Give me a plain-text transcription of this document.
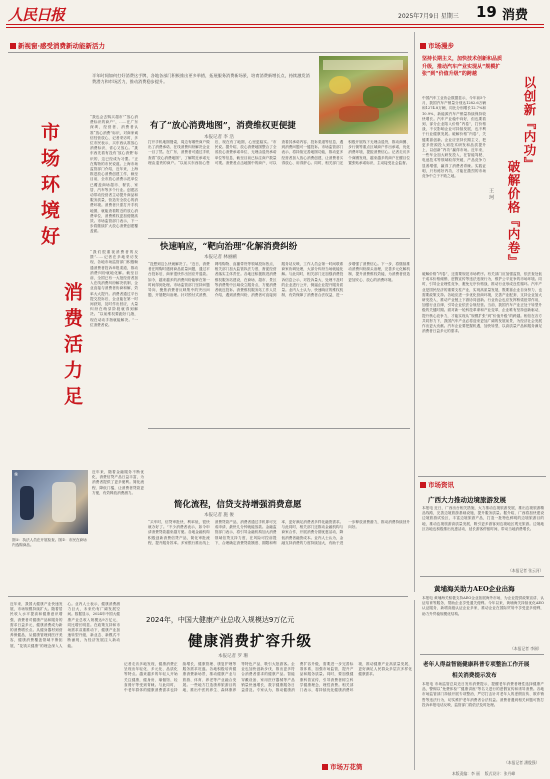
人民日报	2025年7月9日 星期三 19 消费
新视窗·感受消费新动能新活力
半年时间如何打好消费这手牌，各地各部门积极推出更多举措，拓展服务消费新场景，培育消费新增长点，持续激发消费潜力和市场活力，推动消费稳步提升。
市场环境好
消费活力足
“我也会去购买超市”“放心消费标识的商户”，……在广东深圳，经营者、消费者认准“放心消费”标识，对商家诚信经营放心，记者采访时，多位市民表示，买东西认准放心消费标识，省心又放心。“挑东西先看有没有‘放心消费’标识的，这已经成为习惯。”正在购物的市民说道。上海市场监管部门介绍，近年来，上海推进放心消费创建工作，截至目前，全市放心消费示范单位已覆盖商场超市、餐饮、家居、汽车等多个行业。创建活动带动经营者主动提升商品和服务质量，营造安全放心的消费环境。消费者只需打开手机地图，就能查看附近的放心消费单位，消费维权更加便捷高效。市场监管部门表示，下一步将继续扩大放心消费创建覆盖面。
“我们很重视消费者的反馈”……记者在多地采访发现，各地市场监管部门积极畅通消费者投诉举报渠道，推动消费纠纷就地化解。截至目前，全国已有一大批经营者加入在线消费纠纷解决机制，企业直接与消费者协商和解，效率大大提升。消费者通过平台提交投诉后，企业能在第一时间获知，及时作出回应，大量纠纷在萌芽阶段就得到解决。“以前维权要跑好几趟，现在动动手指就能解决。”一位消费者说。
有了“放心消费地图”，消费维权更便捷
本报记者 李 浩
打开手机地图搜索，周边有哪些商户做出了消费承诺、在线消费纠纷解决企业一目了然。在广东，消费者可通过手机查看“放心消费地图”，了解附近承诺无理由退货的商户。“以前买东西担心售后，现在有了地图，心里更踏实。”市民说。据介绍，放心消费地图整合了全省放心消费承诺单位、无理由退货承诺单位等信息，截至目前已标注商户数量可观。消费者点击地图中的商户，可以查看其承诺内容、投诉渠道等信息，遇到消费问题可一键投诉。市场监管部门表示，将持续完善地图功能，推动更多经营者加入放心消费创建，让消费者买得放心、用得舒心。同时，相关部门还积极开展线下无理由退货，推动商圈、步行街等重点区域商户作出承诺，优化消费环境，提振消费信心。记者走访多个商圈发现，越来越多的商户在醒目位置张贴承诺标识，主动接受社会监督。
快速响应，“靶向治理”化解消费纠纷
本报记者 林丽鹂
“没想到这么快就解决了。”近日，消费者在网购时遇到商品质量问题，通过平台投诉后，商家很快作出回应并退款。如今，越来越多的消费纠纷能够在第一时间得到处理。市场监管部门坚持问题导向，聚焦消费者反映集中的突出问题，开展靶向治理。针对预付式消费、网络购物、直播带货等领域投诉热点，相关部门加大监管执法力度，督促经营者落实主体责任。各地还积极推进消费维权服务站建设，在商场、超市、景区等消费集中区域设立服务点，方便消费者就近投诉。消费维权服务站工作人员介绍，遇到消费纠纷，消费者可直接到服务站反映，工作人员会第一时间联系商家协调处理，大部分纠纷当场就能化解。与此同时，相关部门还加强消费投诉信息公示，对投诉量大、处理不及时的企业进行公开，倒逼企业提升服务质量。业内人士认为，快速响应的维权机制，有效保障了消费者合法权益，进一步增强了消费信心。下一步，将继续推动消费纠纷源头治理，完善多元化解机制，提升消费维权效能，为消费者营造更加安心、放心的消费环境。
①
图①：执法人员在开展检查。图②：市民在商场内选购商品。
近年来，随着金融服务不断优化，消费信贷产品日益丰富，为消费者提供了更多便利。简化流程、降低门槛，让消费者贷款更方便，有效释放消费潜力。
简化流程，信贷支持增强消费意愿
本报记者 施 俊
“买车时，信贷审批快、利率低，很快就办好了。”不少消费者表示，如今申请消费贷款越来越方便。各地金融机构积极创新消费信贷产品，简化审批流程，提升服务效率。多家银行推出线上消费贷款产品，消费者通过手机即可完成申请，最快几分钟就能放款。金融监管部门表示，将引导金融机构加大消费领域信贷支持力度，在风险可控前提下，合理确定消费贷款额度、期限和利率，更好满足消费者多样化融资需求。与此同时，相关部门还推动金融机构与商家合作，开展消费分期优惠活动，降低消费者融资成本。业内人士认为，金融支持消费的力度持续加大，有助于进一步释放消费潜力，推动消费持续回升向好。
市场漫步
坚持长期主义，加快技术创新和品质升级，推动汽车产业实现从“规模扩张”到“价值升级”的跨越
以创新『内功』
破解价格『内卷』
王 珂
中国汽车工业协会数据显示，今年前5个月，我国汽车产销量分别达1282.6万辆和1274.8万辆，同比分别增长12.7%和10.9%，新能源汽车产销量持续保持较快增长。汽车产业稳中向好，但也要看到，部分企业陷入价格“内卷”，打价格战，不仅影响企业可持续发展，也不利于行业健康发展。破解价格“内卷”，关键要靠创新。企业应坚持长期主义，把更多资源投入到技术研发和品质提升上，以创新“内功”赢得市场。近年来，一些车企加大研发投入，在智能驾驶、电池技术等领域取得突破，产品竞争力显著增强，赢得了消费者青睐。实践证明，只有练好内功，才能在激烈的市场竞争中立于不败之地。
破解价格“内卷”，还需要规范市场秩序。有关部门应加强监管，依法查处低于成本价格倾销、虚假宣传等违法违规行为，维护公平竞争的市场环境。同时，引导企业理性竞争，避免无序价格战，推动行业形成良性循环。汽车产业是国民经济的重要支柱产业，实现高质量发展，既要靠企业自身努力，也需要政策支持。各地应进一步优化营商环境，完善产业配套，支持企业加大研发投入，推动产业链上下游协同创新。行业协会也应发挥桥梁纽带作用，加强行业自律，引导企业依法合规经营。当前，我国汽车产业正处于转型升级的关键时期。面对新一轮科技革命和产业变革，企业唯有坚持创新驱动，提升核心竞争力，才能实现从“规模扩张”到“价值升级”的跨越。相信在各方共同努力下，我国汽车产业必将迎来更加广阔的发展前景，为经济社会发展作出更大贡献。汽车企业要把握机遇，加快转型，以高质量产品和服务满足消费者日益多元的需求。
市场资讯
广西大力推动边境旅游发展
本报电 近日，广西出台相关措施，大力推动边境旅游发展，推出边境旅游精品线路，完善边境旅游基础设施，提升服务质量。据介绍，广西将加快建设边境旅游试验区，丰富边境旅游产品，打造一批特色鲜明的边境旅游目的地，推动边境旅游高质量发展，吸引更多游客到边境地区观光旅游。边境地区各地也积极推出优惠活动，延长游客停留时间，带动当地消费增长。
（本报记者 张云河）
黄埔海关助力AEO企业出海
本报电 黄埔海关积极支持AEO企业拓展海外市场，为企业提供政策宣讲、认证培育等服务，帮助企业享受通关便利。今年以来，黄埔海关持续优化AEO认证服务，新增高级认证企业多家，推动企业在国际贸易中享受更多便利，助力外贸稳规模优结构。
（本报记者 李刚）
老年人得益智能健康科普专项整治工作开展
相关消费提示发布
本报电 市场监管总局近日发布消费提示，提醒老年消费者理性选择健康产品，警惕以“免费体检”“健康讲座”等名义进行的虚假宣传和诱导消费。各地市场监管部门持续开展专项整治，严厉打击针对老年人的虚假宣传、欺诈销售等违法行为，切实维护老年消费者合法权益。消费者遇到相关问题可拨打投诉举报电话反映，监管部门将依法及时处理。
（本报记者 潘俊强）
近年来，我国大健康产业快速发展，市场规模持续扩大。随着居民收入水平提高和健康意识增强，消费者对健康产品和服务的需求日益多元，健康消费成为新的消费增长点。从健身器材到营养保健品，从健康管理到医疗美容，健康消费覆盖领域不断拓展，“花钱买健康”的理念深入人心。业内人士表示，健康消费潜力巨大，未来仍有广阔发展空间。数据显示，2024年中国大健康产业总收入规模达9万亿元，同比增长明显。在政策支持和市场需求双重推动下，健康产业加速转型升级，新业态、新模式不断涌现，为经济发展注入新动能。
2024年，中国大健康产业总收入规模达9万亿元
健康消费扩容升级
本报记者 罗 珊
记者走访多地发现，健康消费正呈现出年轻化、多元化、品质化等特点。越来越多的年轻人开始关注健康，健身房、瑜伽馆、轻食餐厅等受到青睐。与此同时，中老年群体的健康消费需求也持续增长，健康管理、康复护理等服务需求旺盛。各地积极培育健康消费新场景，推动健康产业与旅游、体育、养老等产业融合发展。一些地方打造康养旅游目的地，推出中医药养生、森林康养等特色产品，吸引大批游客。企业也加快创新步伐，推出更多符合消费者需求的健康产品。智能穿戴设备、家用医疗器械等产品销量快速增长，数字健康服务日益普及。专家认为，推动健康消费扩容升级，需要进一步完善标准体系，加强市场监管，提升产品和服务质量。同时，要加强健康科普宣传，引导消费者树立科学健康理念，理性消费。相关部门表示，将持续优化健康消费环境，推动健康产业高质量发展，更好满足人民群众多层次多样化健康需求。
市场万花筒
本版责编：李 丽 　版式设计：张丹峰
